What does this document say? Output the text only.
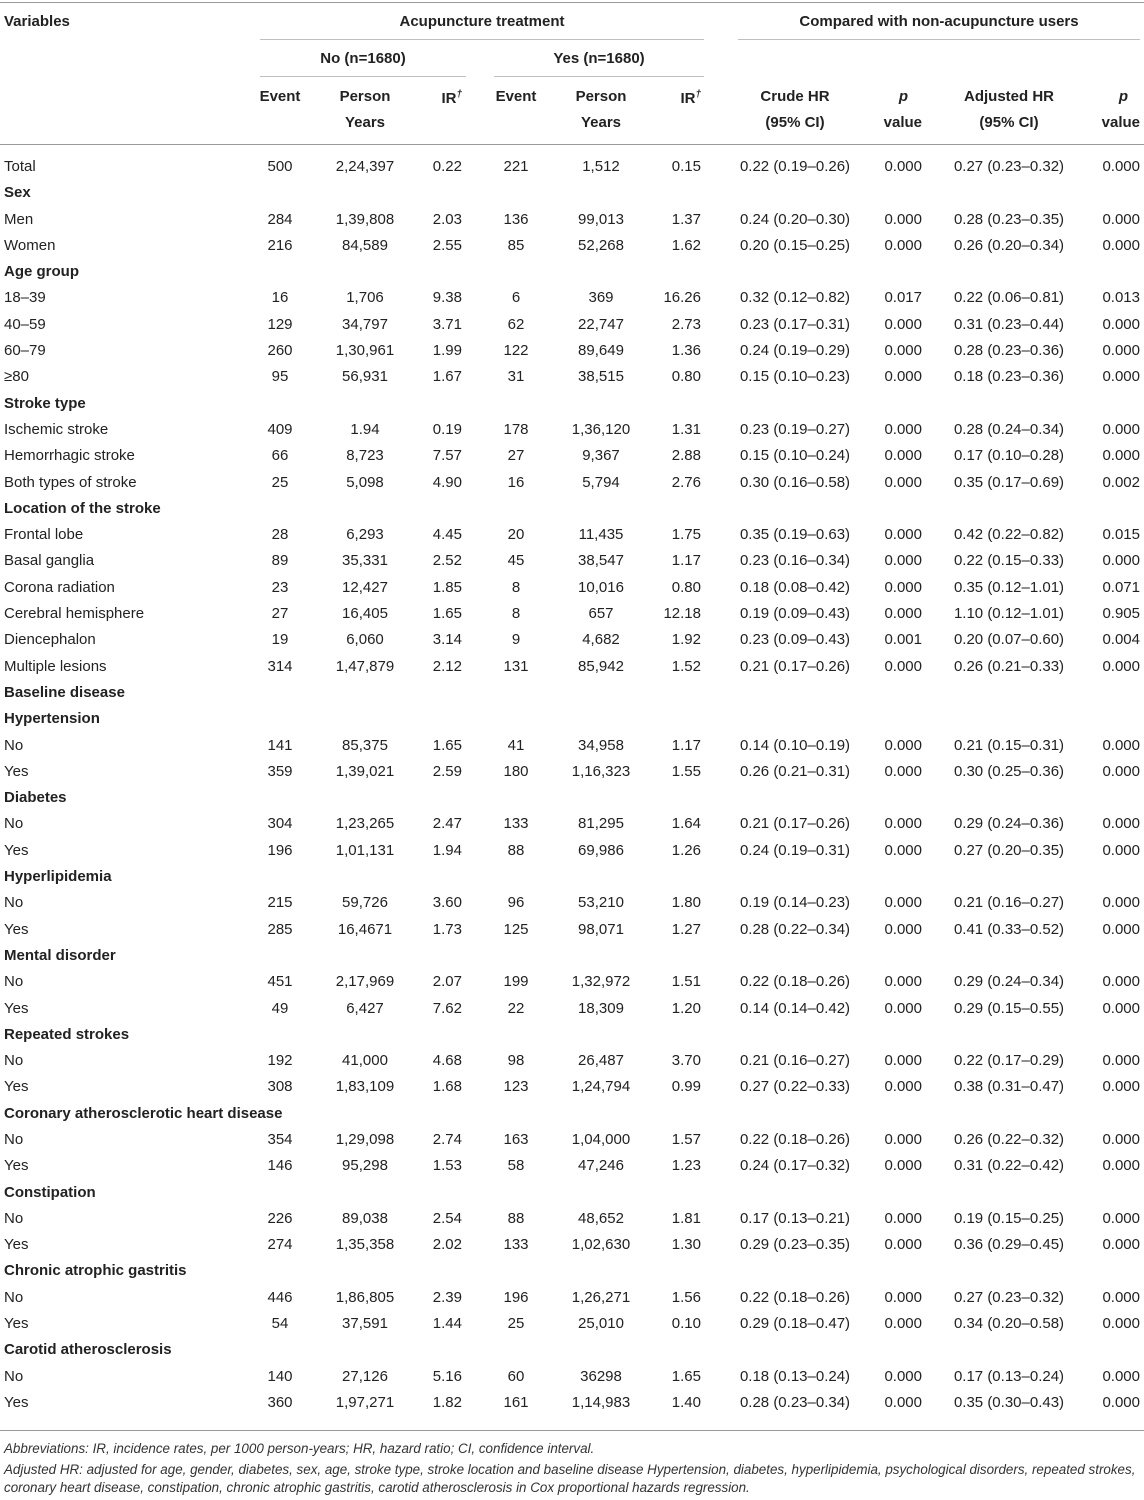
Variables	Acupuncture treatment	Compared with non-acupuncture users
No (n=1680)	Yes (n=1680)
Event	Person	IR†	Event	Person	IR†	Crude HR	p	Adjusted HR	p
Years	Years	(95% CI)	value	(95% CI)	value
Total	500	2,24,397	0.22	221	1,512	0.15	0.22 (0.19–0.26)	0.000	0.27 (0.23–0.32)	0.000
Sex
Men	284	1,39,808	2.03	136	99,013	1.37	0.24 (0.20–0.30)	0.000	0.28 (0.23–0.35)	0.000
Women	216	84,589	2.55	85	52,268	1.62	0.20 (0.15–0.25)	0.000	0.26 (0.20–0.34)	0.000
Age group
18–39	16	1,706	9.38	6	369	16.26	0.32 (0.12–0.82)	0.017	0.22 (0.06–0.81)	0.013
40–59	129	34,797	3.71	62	22,747	2.73	0.23 (0.17–0.31)	0.000	0.31 (0.23–0.44)	0.000
60–79	260	1,30,961	1.99	122	89,649	1.36	0.24 (0.19–0.29)	0.000	0.28 (0.23–0.36)	0.000
≥80	95	56,931	1.67	31	38,515	0.80	0.15 (0.10–0.23)	0.000	0.18 (0.23–0.36)	0.000
Stroke type
Ischemic stroke	409	1.94	0.19	178	1,36,120	1.31	0.23 (0.19–0.27)	0.000	0.28 (0.24–0.34)	0.000
Hemorrhagic stroke	66	8,723	7.57	27	9,367	2.88	0.15 (0.10–0.24)	0.000	0.17 (0.10–0.28)	0.000
Both types of stroke	25	5,098	4.90	16	5,794	2.76	0.30 (0.16–0.58)	0.000	0.35 (0.17–0.69)	0.002
Location of the stroke
Frontal lobe	28	6,293	4.45	20	11,435	1.75	0.35 (0.19–0.63)	0.000	0.42 (0.22–0.82)	0.015
Basal ganglia	89	35,331	2.52	45	38,547	1.17	0.23 (0.16–0.34)	0.000	0.22 (0.15–0.33)	0.000
Corona radiation	23	12,427	1.85	8	10,016	0.80	0.18 (0.08–0.42)	0.000	0.35 (0.12–1.01)	0.071
Cerebral hemisphere	27	16,405	1.65	8	657	12.18	0.19 (0.09–0.43)	0.000	1.10 (0.12–1.01)	0.905
Diencephalon	19	6,060	3.14	9	4,682	1.92	0.23 (0.09–0.43)	0.001	0.20 (0.07–0.60)	0.004
Multiple lesions	314	1,47,879	2.12	131	85,942	1.52	0.21 (0.17–0.26)	0.000	0.26 (0.21–0.33)	0.000
Baseline disease
Hypertension
No	141	85,375	1.65	41	34,958	1.17	0.14 (0.10–0.19)	0.000	0.21 (0.15–0.31)	0.000
Yes	359	1,39,021	2.59	180	1,16,323	1.55	0.26 (0.21–0.31)	0.000	0.30 (0.25–0.36)	0.000
Diabetes
No	304	1,23,265	2.47	133	81,295	1.64	0.21 (0.17–0.26)	0.000	0.29 (0.24–0.36)	0.000
Yes	196	1,01,131	1.94	88	69,986	1.26	0.24 (0.19–0.31)	0.000	0.27 (0.20–0.35)	0.000
Hyperlipidemia
No	215	59,726	3.60	96	53,210	1.80	0.19 (0.14–0.23)	0.000	0.21 (0.16–0.27)	0.000
Yes	285	16,4671	1.73	125	98,071	1.27	0.28 (0.22–0.34)	0.000	0.41 (0.33–0.52)	0.000
Mental disorder
No	451	2,17,969	2.07	199	1,32,972	1.51	0.22 (0.18–0.26)	0.000	0.29 (0.24–0.34)	0.000
Yes	49	6,427	7.62	22	18,309	1.20	0.14 (0.14–0.42)	0.000	0.29 (0.15–0.55)	0.000
Repeated strokes
No	192	41,000	4.68	98	26,487	3.70	0.21 (0.16–0.27)	0.000	0.22 (0.17–0.29)	0.000
Yes	308	1,83,109	1.68	123	1,24,794	0.99	0.27 (0.22–0.33)	0.000	0.38 (0.31–0.47)	0.000
Coronary atherosclerotic heart disease
No	354	1,29,098	2.74	163	1,04,000	1.57	0.22 (0.18–0.26)	0.000	0.26 (0.22–0.32)	0.000
Yes	146	95,298	1.53	58	47,246	1.23	0.24 (0.17–0.32)	0.000	0.31 (0.22–0.42)	0.000
Constipation
No	226	89,038	2.54	88	48,652	1.81	0.17 (0.13–0.21)	0.000	0.19 (0.15–0.25)	0.000
Yes	274	1,35,358	2.02	133	1,02,630	1.30	0.29 (0.23–0.35)	0.000	0.36 (0.29–0.45)	0.000
Chronic atrophic gastritis
No	446	1,86,805	2.39	196	1,26,271	1.56	0.22 (0.18–0.26)	0.000	0.27 (0.23–0.32)	0.000
Yes	54	37,591	1.44	25	25,010	0.10	0.29 (0.18–0.47)	0.000	0.34 (0.20–0.58)	0.000
Carotid atherosclerosis
No	140	27,126	5.16	60	36298	1.65	0.18 (0.13–0.24)	0.000	0.17 (0.13–0.24)	0.000
Yes	360	1,97,271	1.82	161	1,14,983	1.40	0.28 (0.23–0.34)	0.000	0.35 (0.30–0.43)	0.000
Abbreviations: IR, incidence rates, per 1000 person-years; HR, hazard ratio; CI, confidence interval.
Adjusted HR: adjusted for age, gender, diabetes, sex, age, stroke type, stroke location and baseline disease Hypertension, diabetes, hyperlipidemia, psychological disorders, repeated strokes, coronary heart disease, constipation, chronic atrophic gastritis, carotid atherosclerosis in Cox proportional hazards regression.
